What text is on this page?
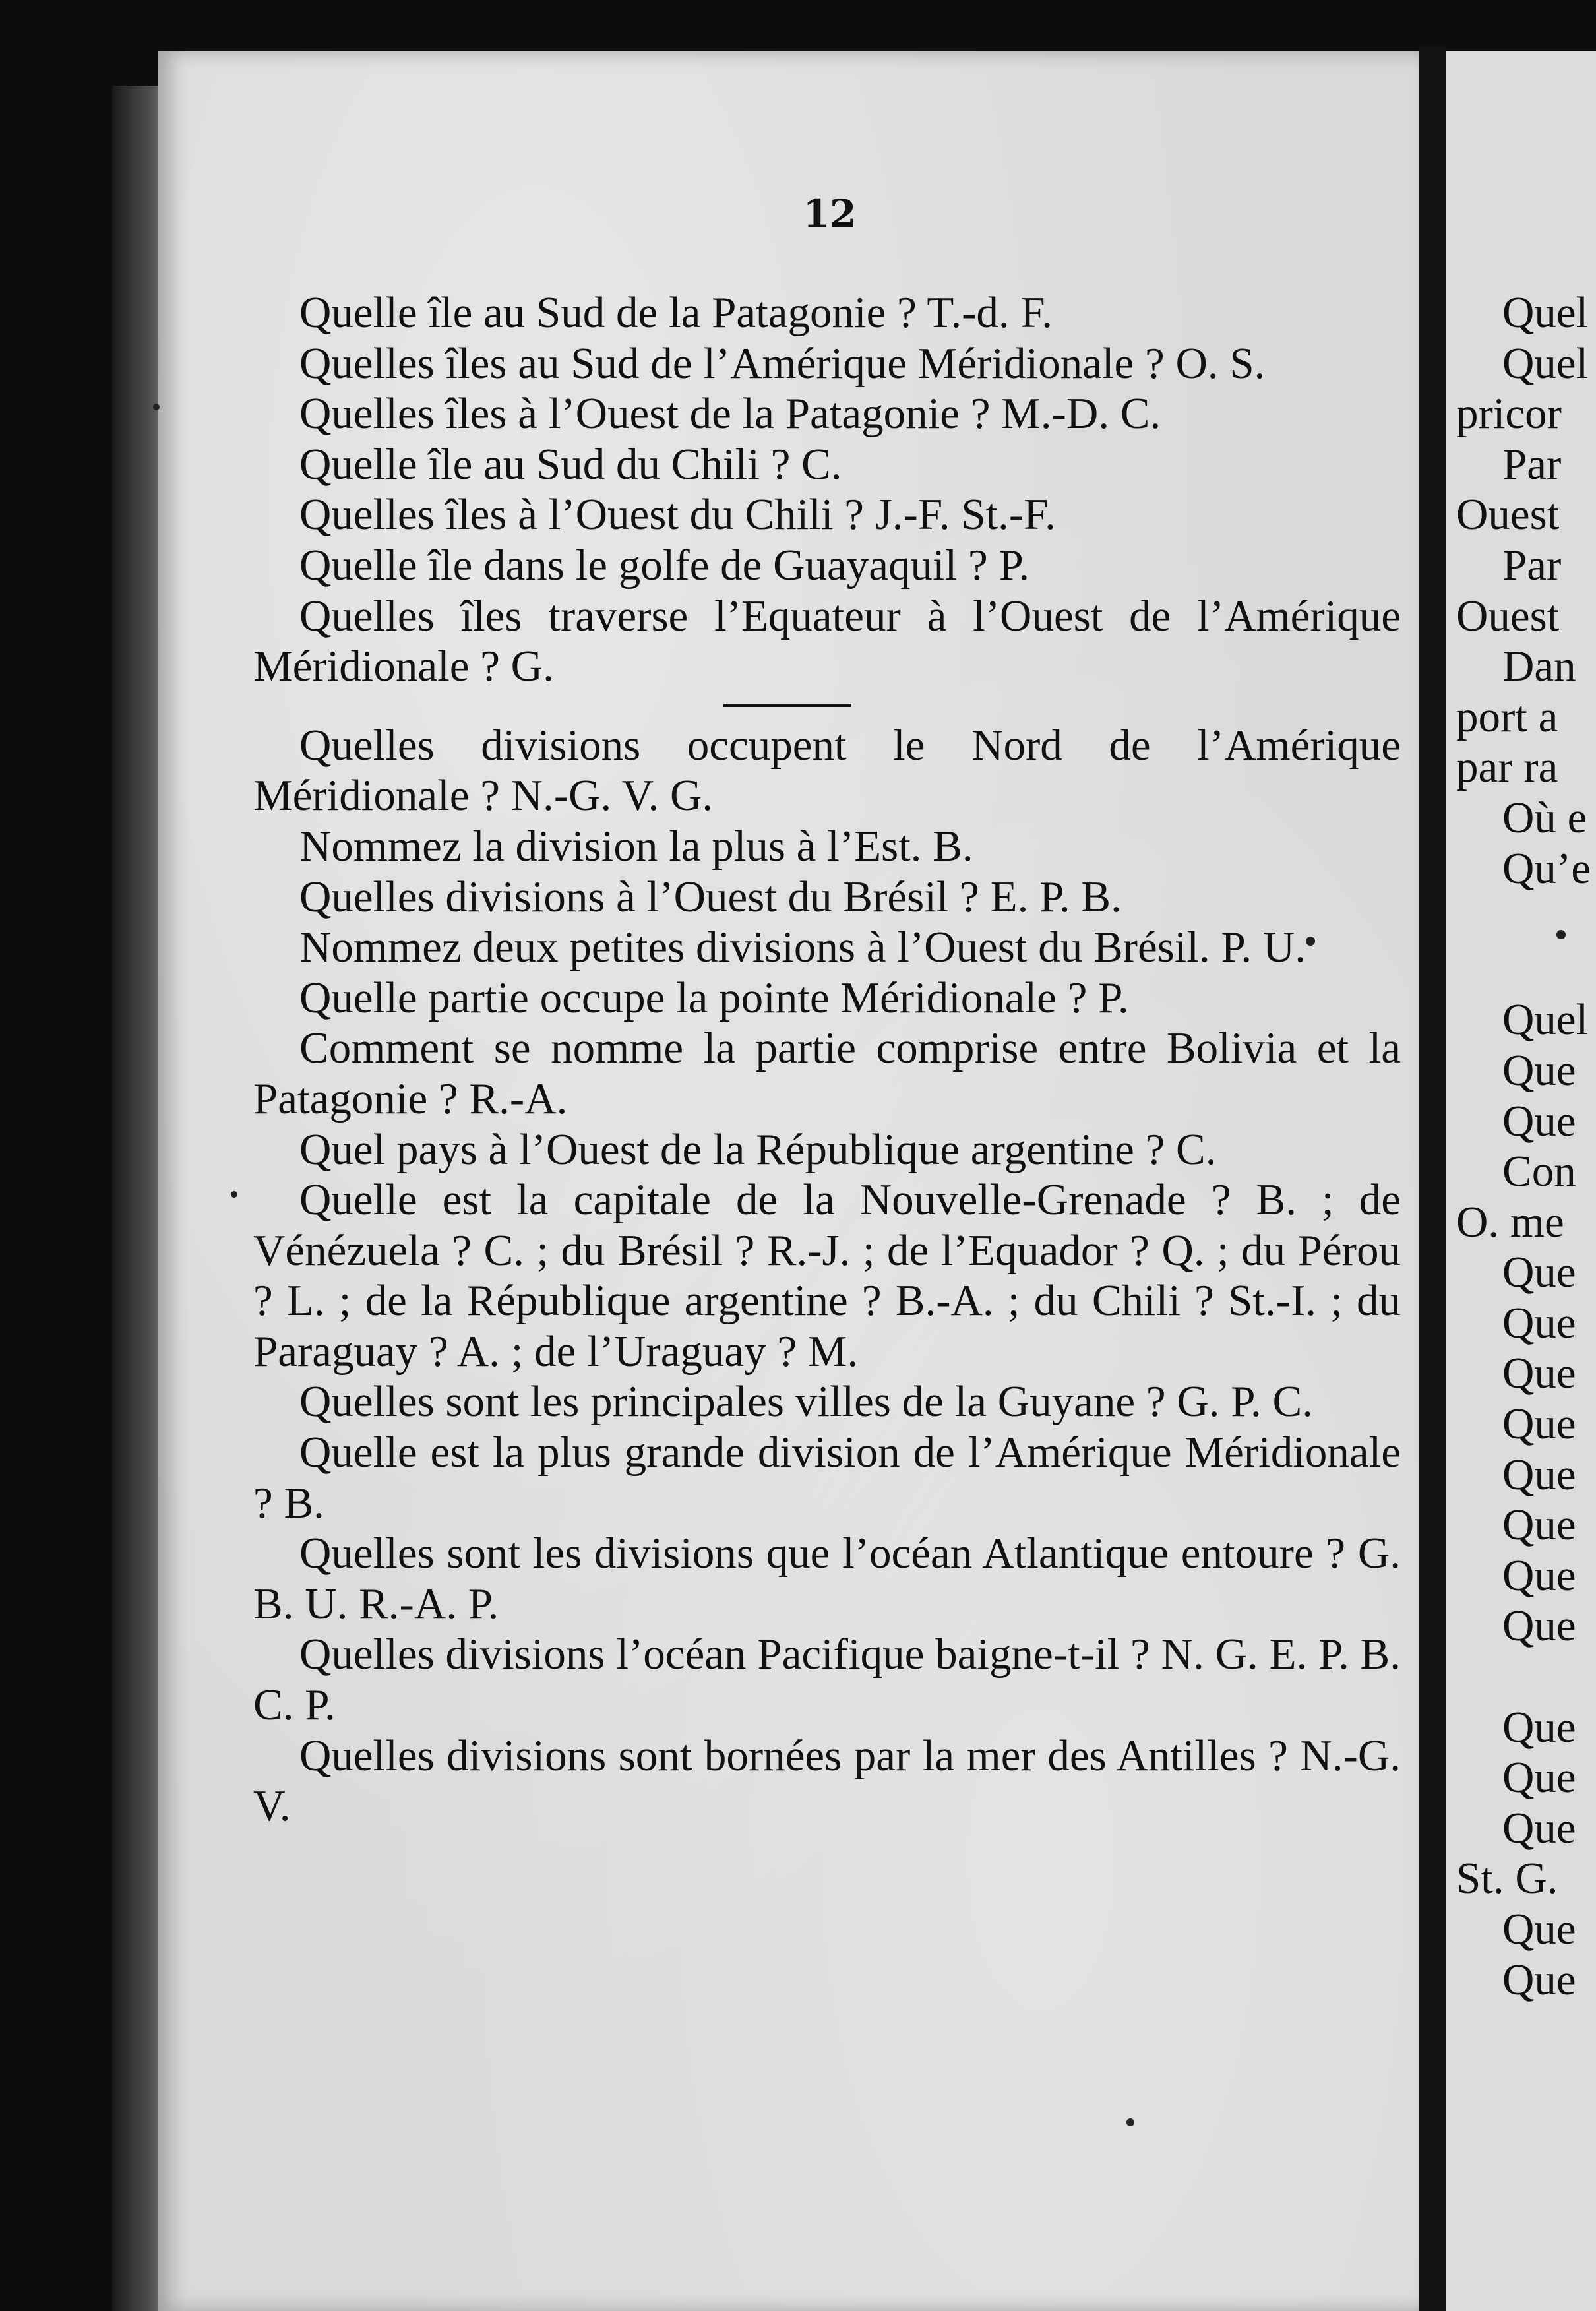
12

Quelle île au Sud de la Patagonie ? T.-d. F.

Quelles îles au Sud de l’Amérique Méridionale ? O. S.

Quelles îles à l’Ouest de la Patagonie ? M.-D. C.

Quelle île au Sud du Chili ? C.

Quelles îles à l’Ouest du Chili ? J.-F. St.-F.

Quelle île dans le golfe de Guayaquil ? P.

Quelles îles traverse l’Equateur à l’Ouest de l’Amérique Méridionale ? G.

Quelles divisions occupent le Nord de l’Amérique Méridionale ? N.-G. V. G.

Nommez la division la plus à l’Est. B.

Quelles divisions à l’Ouest du Brésil ? E. P. B.

Nommez deux petites divisions à l’Ouest du Brésil. P. U.

Quelle partie occupe la pointe Méridionale ? P.

Comment se nomme la partie comprise entre Bolivia et la Patagonie ? R.-A.

Quel pays à l’Ouest de la République argentine ? C.

Quelle est la capitale de la Nouvelle-Grenade ? B. ; de Vénézuela ? C. ; du Brésil ? R.-J. ; de l’Equador ? Q. ; du Pérou ? L. ; de la République argentine ? B.-A. ; du Chili ? St.-I. ; du Paraguay ? A. ; de l’Uraguay ? M.

Quelles sont les principales villes de la Guyane ? G. P. C.

Quelle est la plus grande division de l’Amérique Méridionale ? B.

Quelles sont les divisions que l’océan Atlantique entoure ? G. B. U. R.-A. P.

Quelles divisions l’océan Pacifique baigne-t-il ? N. G. E. P. B. C. P.

Quelles divisions sont bornées par la mer des Antilles ? N.-G. V.

Quel
Quel
pricor
Par
Ouest
Par
Ouest
Dan
port a
par ra
Où e
Qu’e
Quel
Que
Que
Con
O. me
Que
Que
Que
Que
Que
Que
Que
Que
Que
Que
Que
St. G.
Que
Que
